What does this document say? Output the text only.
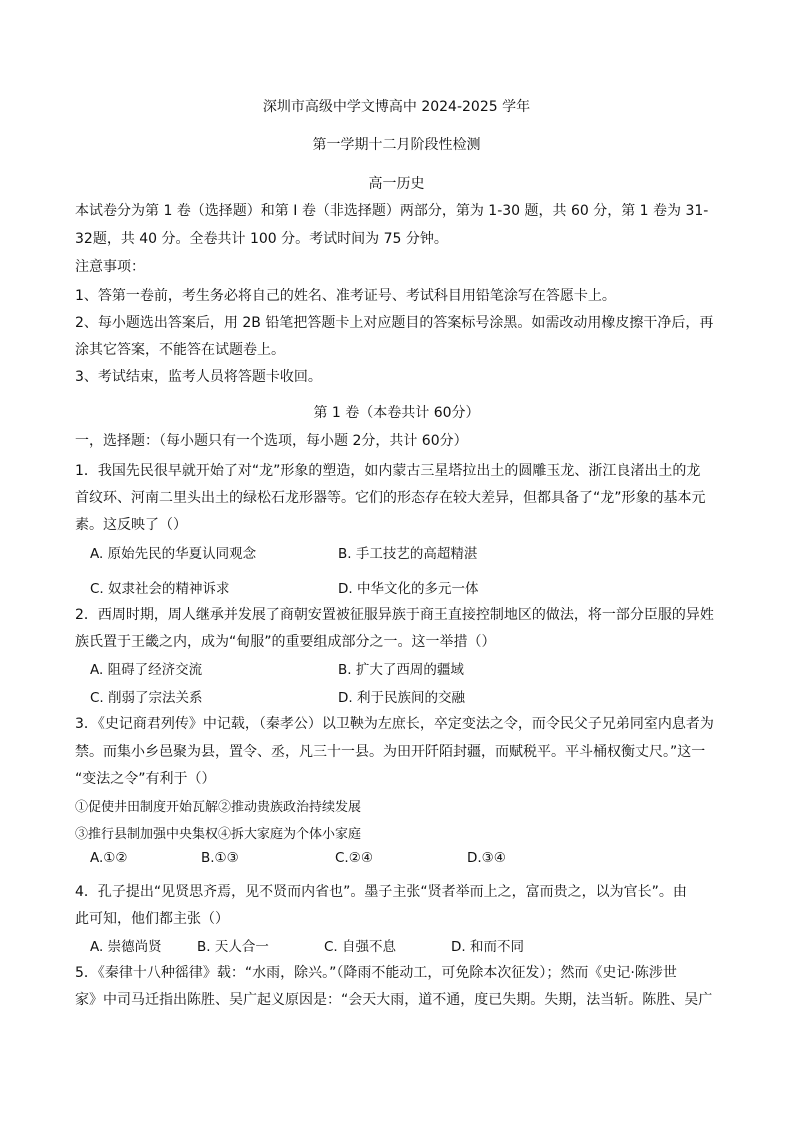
深圳市高级中学文博高中 2024-2025 学年
第一学期十二月阶段性检测
高一历史
本试卷分为第 1 卷（选择题）和第 Ⅰ 卷（非选择题）两部分，第为 1-30 题，共 60 分，第 1 卷为 31-
32题，共 40 分。全卷共计 100 分。考试时间为 75 分钟。
注意事项：
1、答第一卷前，考生务必将自己的姓名、准考证号、考试科目用铅笔涂写在答愿卡上。
2、每小题选出答案后，用 2B 铅笔把答题卡上对应题目的答案标号涂黑。如需改动用橡皮擦干净后，再
涂其它答案，不能答在试题卷上。
3、考试结束，监考人员将答题卡收回。
第 1 卷（本卷共计 60分）
一，选择题：（每小题只有一个选项，每小题 2分，共计 60分）
1．我国先民很早就开始了对“龙”形象的塑造，如内蒙古三星塔拉出土的圆雕玉龙、浙江良渚出土的龙
首纹环、河南二里头出土的绿松石龙形器等。它们的形态存在较大差异，但都具备了“龙”形象的基本元
素。这反映了（）
A. 原始先民的华夏认同观念	B. 手工技艺的高超精湛
C. 奴隶社会的精神诉求	D. 中华文化的多元一体
2．西周时期，周人继承并发展了商朝安置被征服异族于商王直接控制地区的做法，将一部分臣服的异姓
族氏置于王畿之内，成为“甸服”的重要组成部分之一。这一举措（）
A. 阻碍了经济交流	B. 扩大了西周的疆域
C. 削弱了宗法关系	D. 利于民族间的交融
3．《史记商君列传》中记载，（秦孝公）以卫鞅为左庶长，卒定变法之令，而令民父子兄弟同室内息者为
禁。而集小乡邑聚为县，置令、丞，凡三十一县。为田开阡陌封疆，而赋税平。平斗桶权衡丈尺。”这一
“变法之令”有利于（）
①促使井田制度开始瓦解②推动贵族政治持续发展
③推行县制加强中央集权④拆大家庭为个体小家庭
A.①②	B.①③	C.②④	D.③④
4．孔子提出“见贤思齐焉，见不贤而内省也”。墨子主张“贤者举而上之，富而贵之，以为官长”。由
此可知，他们都主张（）
A. 崇德尚贤	B. 天人合一	C. 自强不息	D. 和而不同
5．《秦律十八种徭律》载：“水雨，除兴。”（降雨不能动工，可免除本次征发）；然而《史记·陈涉世
家》中司马迁指出陈胜、吴广起义原因是：“会天大雨，道不通，度已失期。失期，法当斩。陈胜、吴广
